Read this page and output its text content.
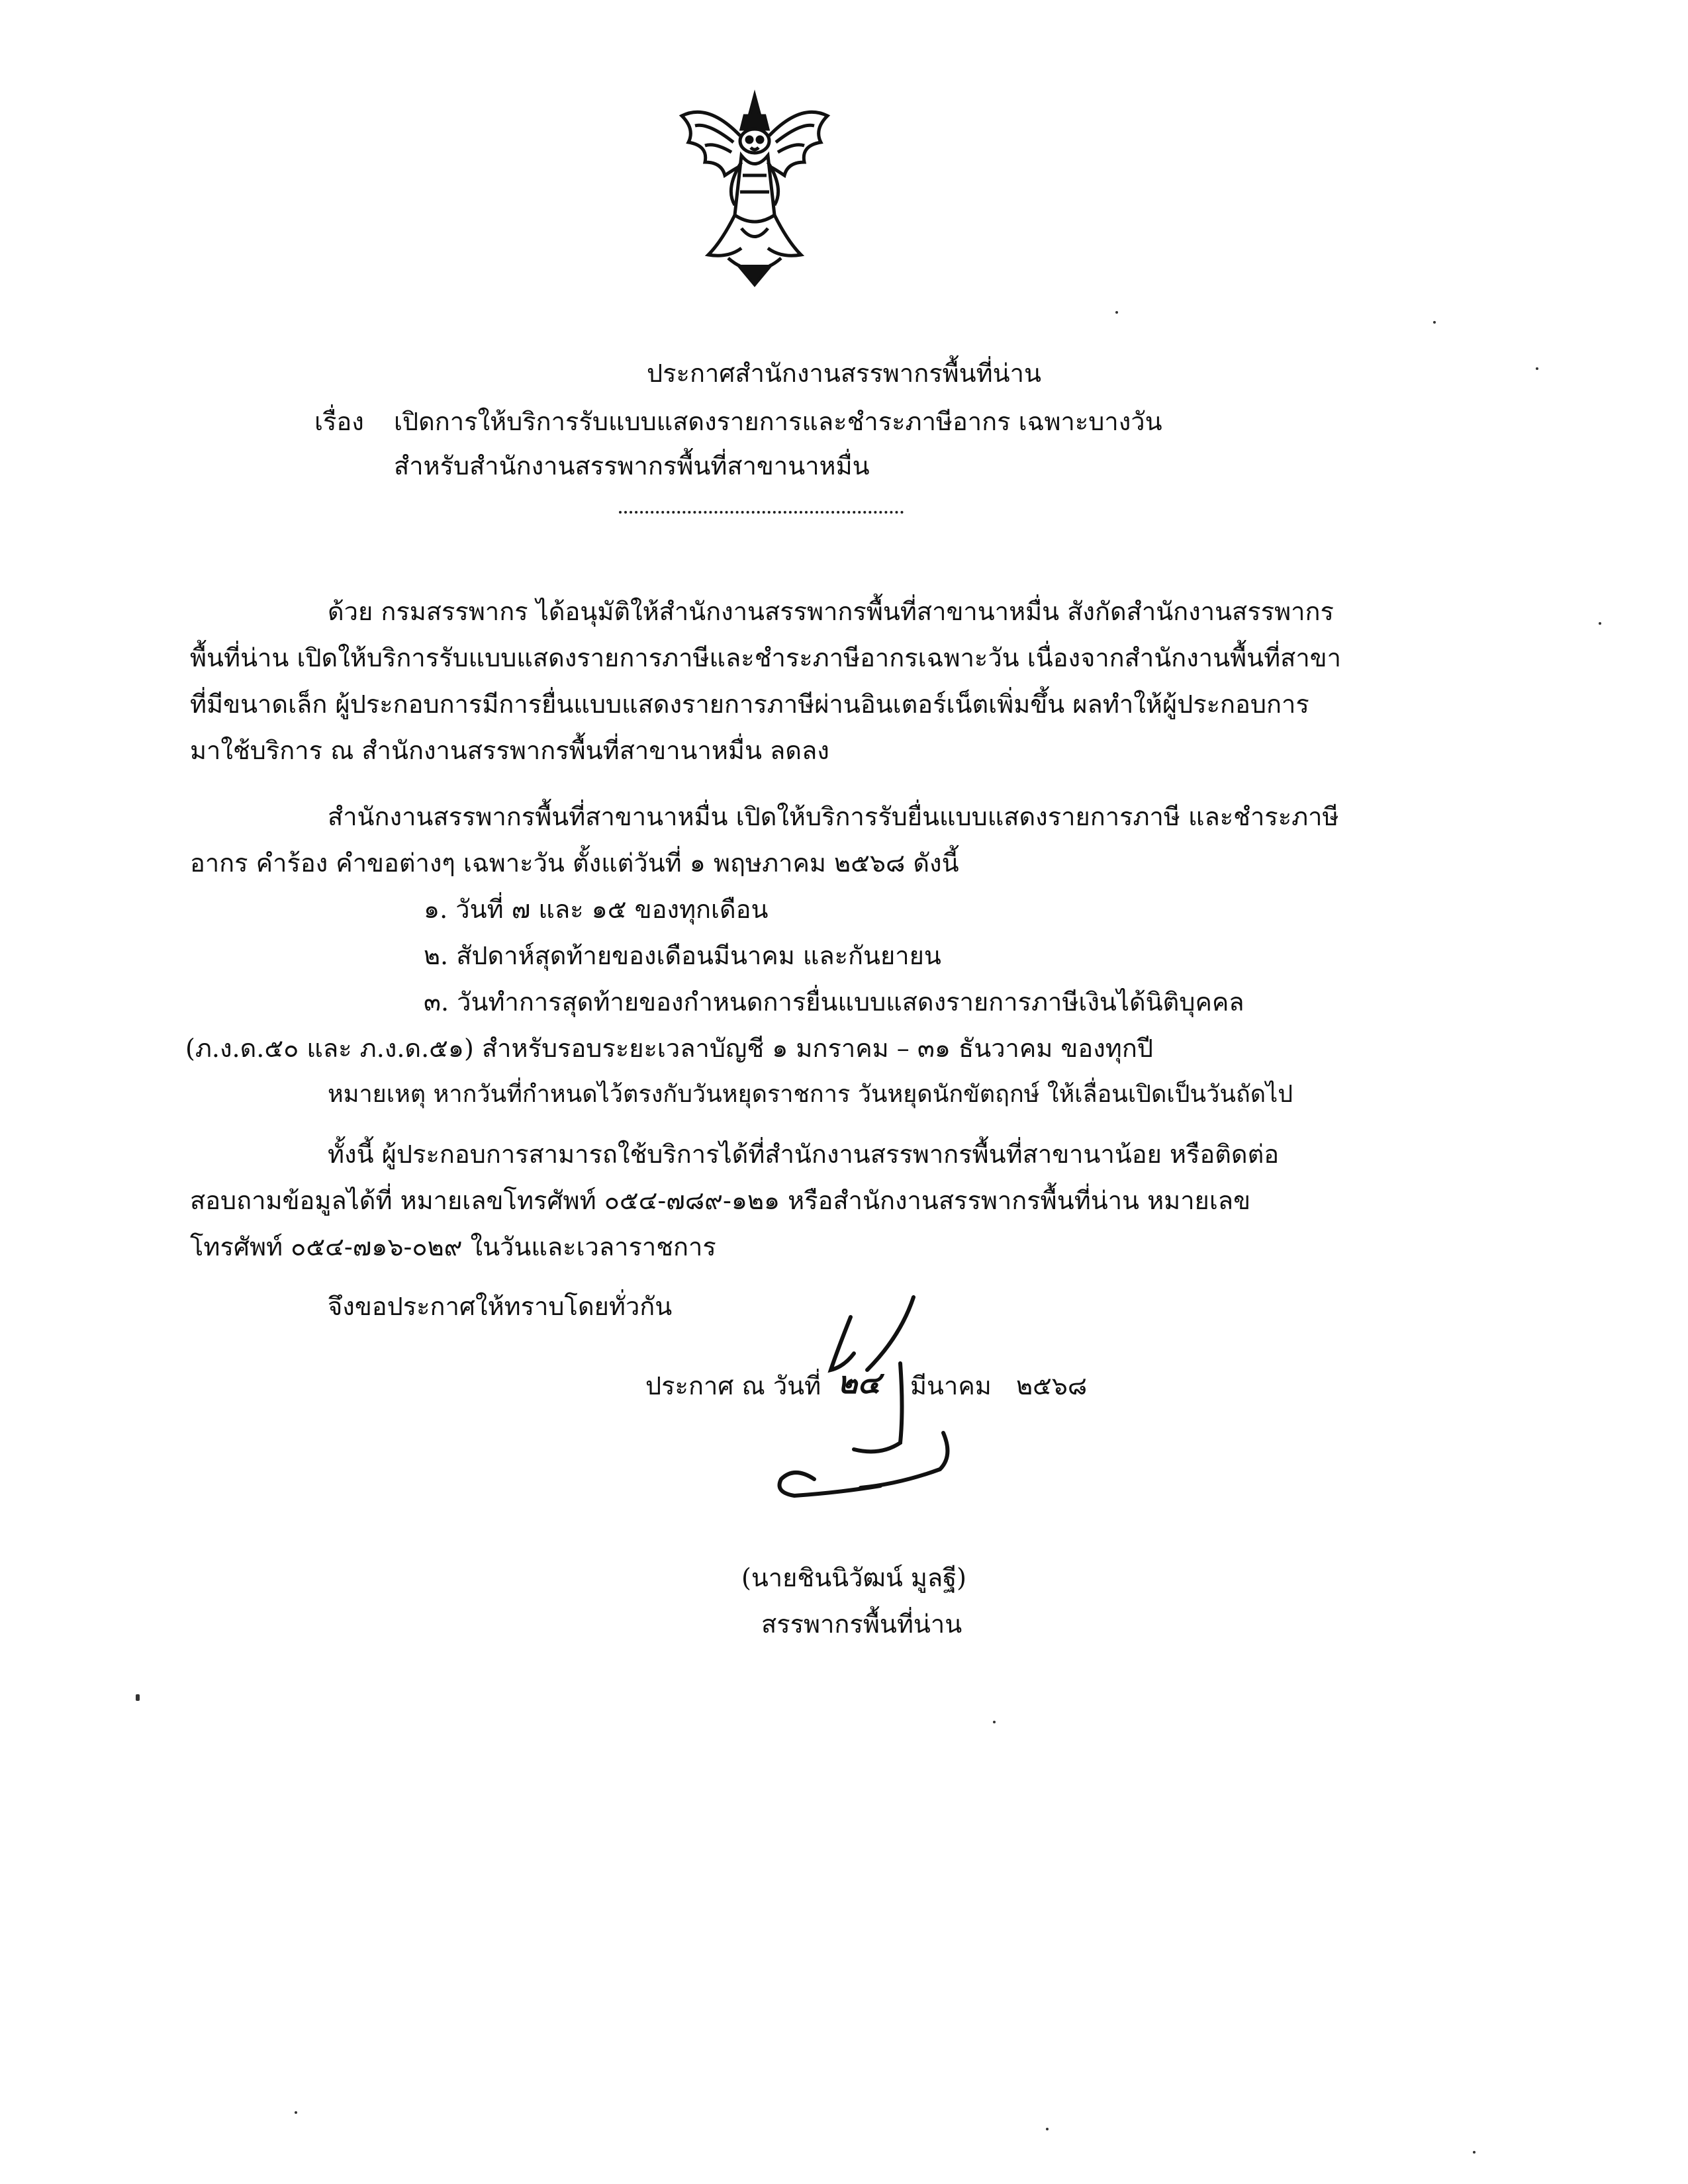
ประกาศสำนักงานสรรพากรพื้นที่น่าน
เรื่อง เปิดการให้บริการรับแบบแสดงรายการและชำระภาษีอากร เฉพาะบางวัน
สำหรับสำนักงานสรรพากรพื้นที่สาขานาหมื่น
ด้วย กรมสรรพากร ได้อนุมัติให้สำนักงานสรรพากรพื้นที่สาขานาหมื่น สังกัดสำนักงานสรรพากร
พื้นที่น่าน เปิดให้บริการรับแบบแสดงรายการภาษีและชำระภาษีอากรเฉพาะวัน เนื่องจากสำนักงานพื้นที่สาขา
ที่มีขนาดเล็ก ผู้ประกอบการมีการยื่นแบบแสดงรายการภาษีผ่านอินเตอร์เน็ตเพิ่มขึ้น ผลทำให้ผู้ประกอบการ
มาใช้บริการ ณ สำนักงานสรรพากรพื้นที่สาขานาหมื่น ลดลง
สำนักงานสรรพากรพื้นที่สาขานาหมื่น เปิดให้บริการรับยื่นแบบแสดงรายการภาษี และชำระภาษี
อากร คำร้อง คำขอต่างๆ เฉพาะวัน ตั้งแต่วันที่ ๑ พฤษภาคม ๒๕๖๘ ดังนี้
๑. วันที่ ๗ และ ๑๕ ของทุกเดือน
๒. สัปดาห์สุดท้ายของเดือนมีนาคม และกันยายน
๓. วันทำการสุดท้ายของกำหนดการยื่นแบบแสดงรายการภาษีเงินได้นิติบุคคล
(ภ.ง.ด.๕๐ และ ภ.ง.ด.๕๑) สำหรับรอบระยะเวลาบัญชี ๑ มกราคม – ๓๑ ธันวาคม ของทุกปี
หมายเหตุ หากวันที่กำหนดไว้ตรงกับวันหยุดราชการ วันหยุดนักขัตฤกษ์ ให้เลื่อนเปิดเป็นวันถัดไป
ทั้งนี้ ผู้ประกอบการสามารถใช้บริการได้ที่สำนักงานสรรพากรพื้นที่สาขานาน้อย หรือติดต่อ
สอบถามข้อมูลได้ที่ หมายเลขโทรศัพท์ ๐๕๔-๗๘๙-๑๒๑ หรือสำนักงานสรรพากรพื้นที่น่าน หมายเลข
โทรศัพท์ ๐๕๔-๗๑๖-๐๒๙ ในวันและเวลาราชการ
จึงขอประกาศให้ทราบโดยทั่วกัน
ประกาศ ณ วันที่ ๒๔ มีนาคม ๒๕๖๘
(นายชินนิวัฒน์ มูลฐี)
สรรพากรพื้นที่น่าน
